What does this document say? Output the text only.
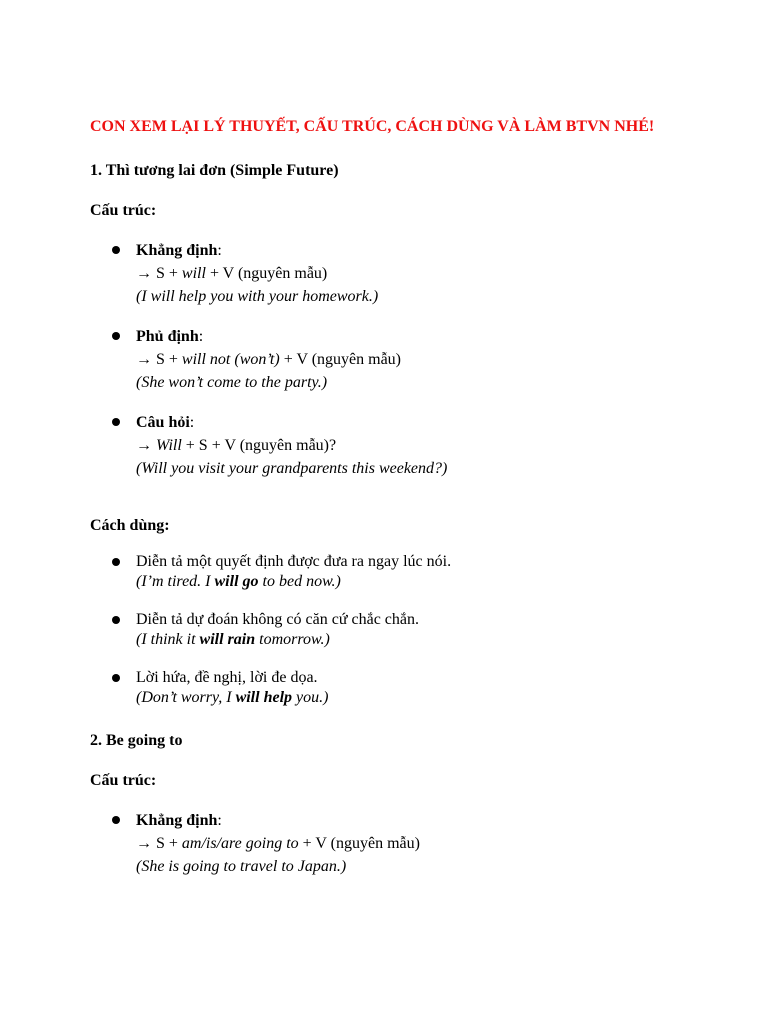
CON XEM LẠI LÝ THUYẾT, CẤU TRÚC, CÁCH DÙNG VÀ LÀM BTVN NHÉ!

1. Thì tương lai đơn (Simple Future)

Cấu trúc:

Khẳng định:
→ S + will + V (nguyên mẫu)
(I will help you with your homework.)
Phủ định:
→ S + will not (won’t) + V (nguyên mẫu)
(She won’t come to the party.)
Câu hỏi:
→ Will + S + V (nguyên mẫu)?
(Will you visit your grandparents this weekend?)

Cách dùng:

Diễn tả một quyết định được đưa ra ngay lúc nói.
(I’m tired. I will go to bed now.)
Diễn tả dự đoán không có căn cứ chắc chắn.
(I think it will rain tomorrow.)
Lời hứa, đề nghị, lời đe dọa.
(Don’t worry, I will help you.)

2. Be going to

Cấu trúc:

Khẳng định:
→ S + am/is/are going to + V (nguyên mẫu)
(She is going to travel to Japan.)
